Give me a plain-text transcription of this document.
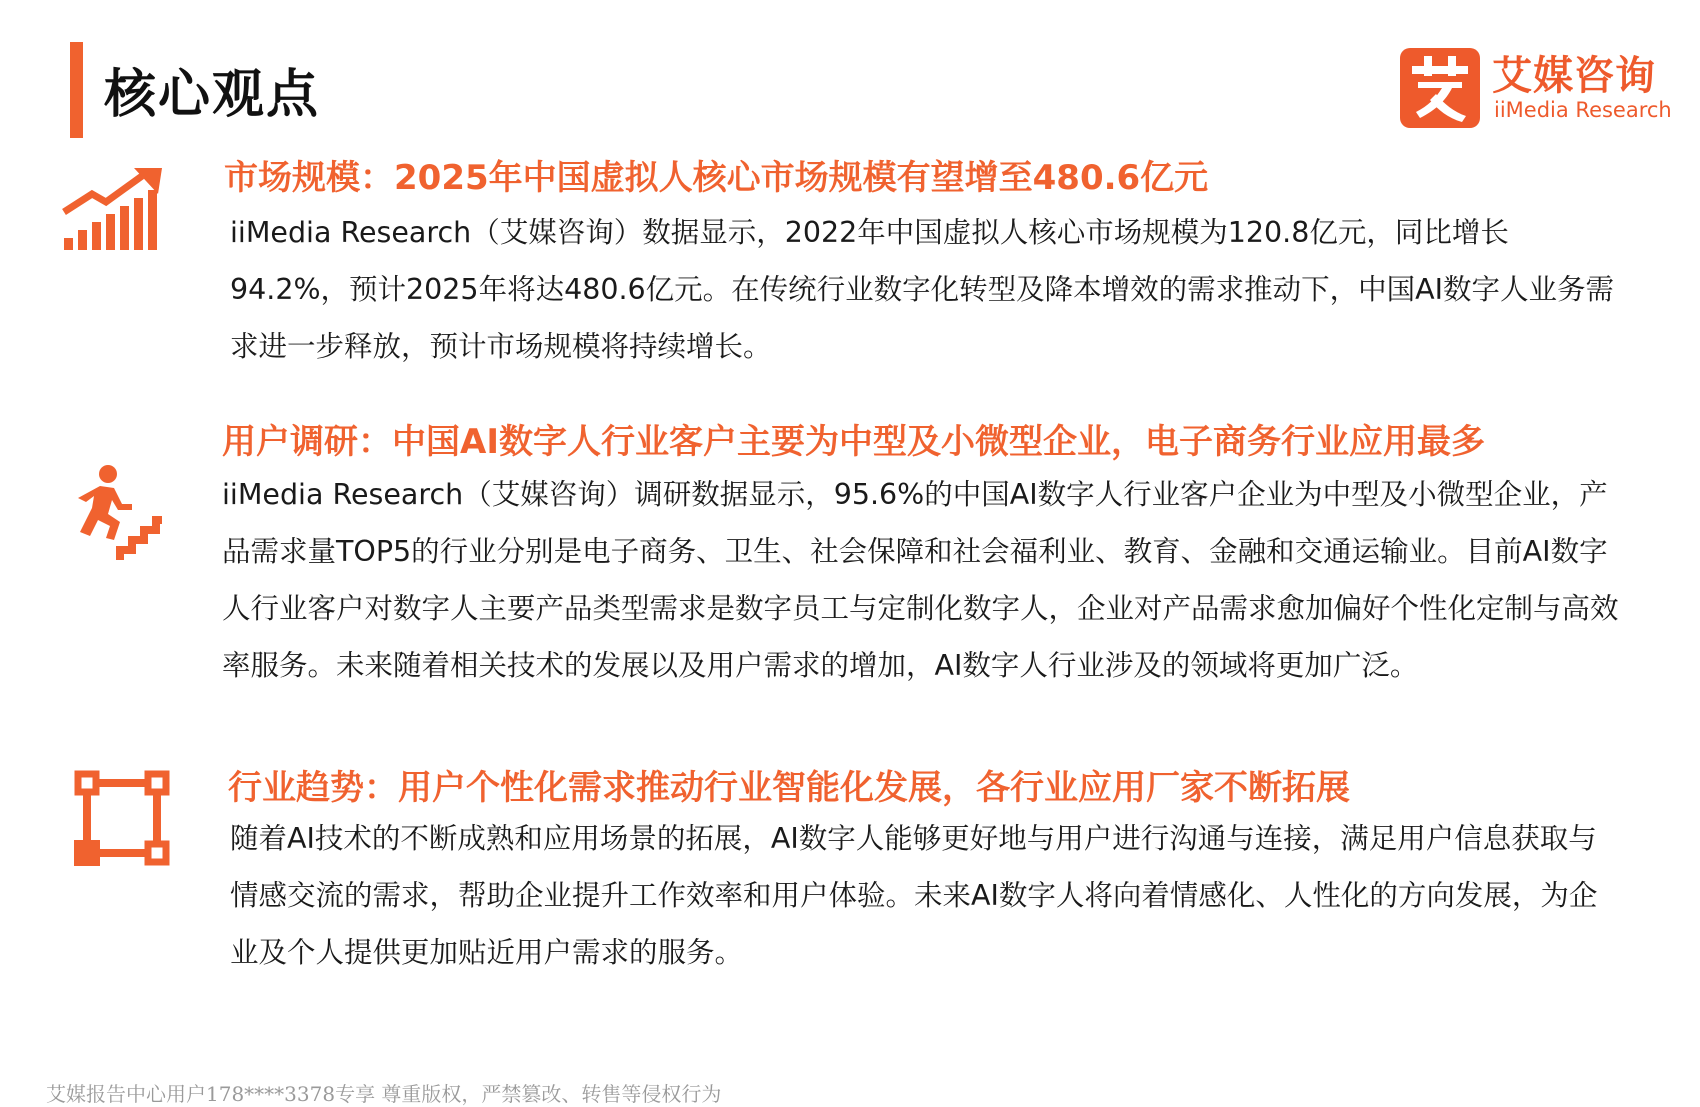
核心观点	艾媒咨询
iiMedia Research
市场规模：2025年中国虚拟人核心市场规模有望增至480.6亿元
iiMedia Research（艾媒咨询）数据显示，2022年中国虚拟人核心市场规模为120.8亿元，同比增长94.2%，预计2025年将达480.6亿元。在传统行业数字化转型及降本增效的需求推动下，中国AI数字人业务需求进一步释放，预计市场规模将持续增长。
用户调研：中国AI数字人行业客户主要为中型及小微型企业，电子商务行业应用最多
iiMedia Research（艾媒咨询）调研数据显示，95.6%的中国AI数字人行业客户企业为中型及小微型企业，产品需求量TOP5的行业分别是电子商务、卫生、社会保障和社会福利业、教育、金融和交通运输业。目前AI数字人行业客户对数字人主要产品类型需求是数字员工与定制化数字人，企业对产品需求愈加偏好个性化定制与高效率服务。未来随着相关技术的发展以及用户需求的增加，AI数字人行业涉及的领域将更加广泛。
行业趋势：用户个性化需求推动行业智能化发展，各行业应用厂家不断拓展
随着AI技术的不断成熟和应用场景的拓展，AI数字人能够更好地与用户进行沟通与连接，满足用户信息获取与情感交流的需求，帮助企业提升工作效率和用户体验。未来AI数字人将向着情感化、人性化的方向发展，为企业及个人提供更加贴近用户需求的服务。
艾媒报告中心用户178****3378专享 尊重版权，严禁篡改、转售等侵权行为
